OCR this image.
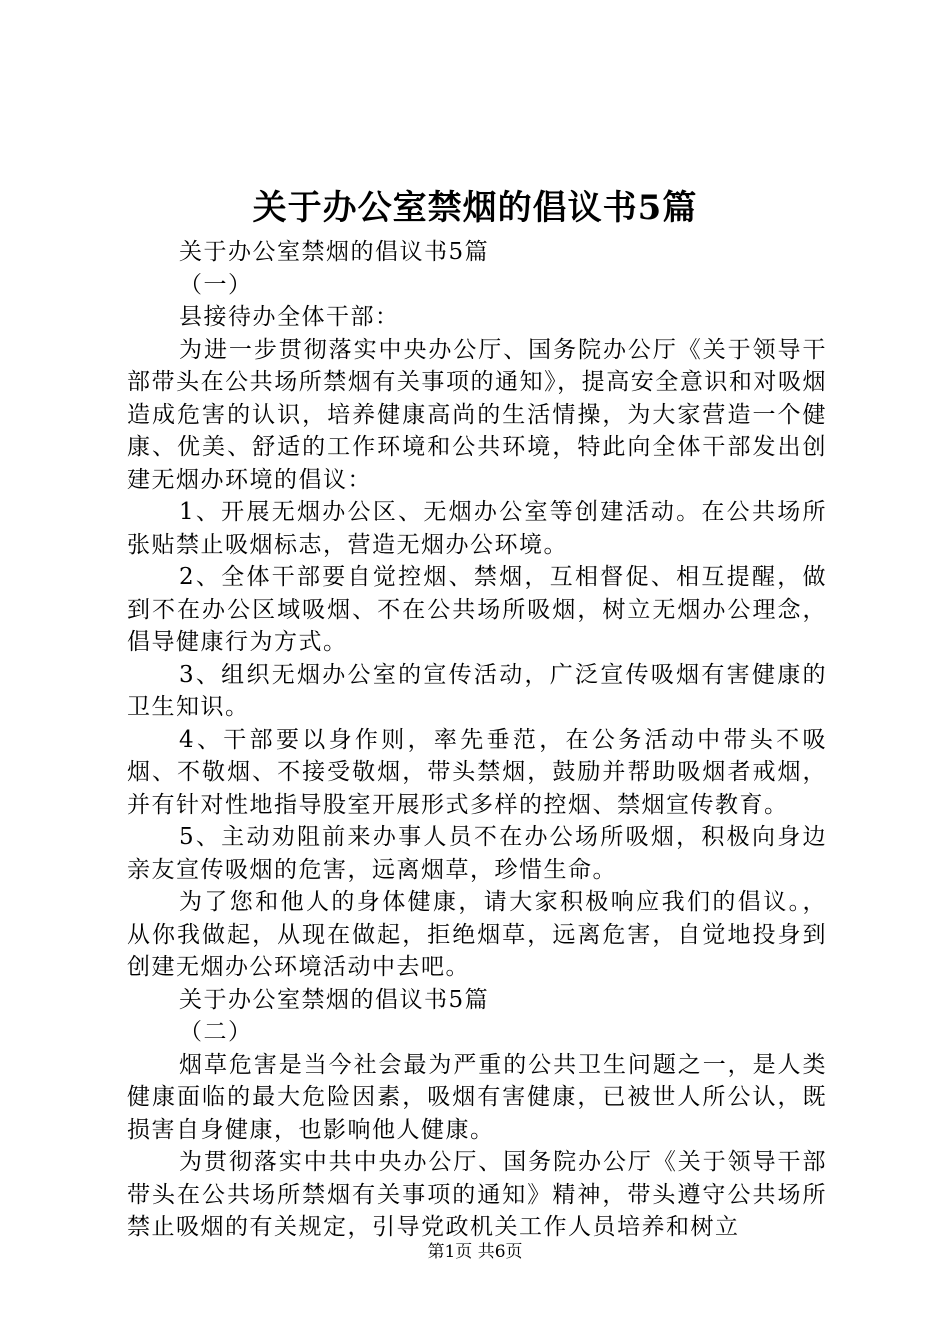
关于办公室禁烟的倡议书5篇

关于办公室禁烟的倡议书5篇

（一）

县接待办全体干部：

为进一步贯彻落实中央办公厅、国务院办公厅《关于领导干部带头在公共场所禁烟有关事项的通知》，提高安全意识和对吸烟造成危害的认识，培养健康高尚的生活情操，为大家营造一个健康、优美、舒适的工作环境和公共环境，特此向全体干部发出创建无烟办环境的倡议：

1、开展无烟办公区、无烟办公室等创建活动。在公共场所张贴禁止吸烟标志，营造无烟办公环境。

2、全体干部要自觉控烟、禁烟，互相督促、相互提醒，做到不在办公区域吸烟、不在公共场所吸烟，树立无烟办公理念，倡导健康行为方式。

3、组织无烟办公室的宣传活动，广泛宣传吸烟有害健康的卫生知识。

4、干部要以身作则，率先垂范，在公务活动中带头不吸烟、不敬烟、不接受敬烟，带头禁烟，鼓励并帮助吸烟者戒烟，并有针对性地指导股室开展形式多样的控烟、禁烟宣传教育。

5、主动劝阻前来办事人员不在办公场所吸烟，积极向身边亲友宣传吸烟的危害，远离烟草，珍惜生命。

为了您和他人的身体健康，请大家积极响应我们的倡议。，从你我做起，从现在做起，拒绝烟草，远离危害，自觉地投身到创建无烟办公环境活动中去吧。

关于办公室禁烟的倡议书5篇

（二）

烟草危害是当今社会最为严重的公共卫生问题之一，是人类健康面临的最大危险因素，吸烟有害健康，已被世人所公认，既损害自身健康，也影响他人健康。

为贯彻落实中共中央办公厅、国务院办公厅《关于领导干部带头在公共场所禁烟有关事项的通知》精神，带头遵守公共场所禁止吸烟的有关规定，引导党政机关工作人员培养和树立

第1页 共6页
